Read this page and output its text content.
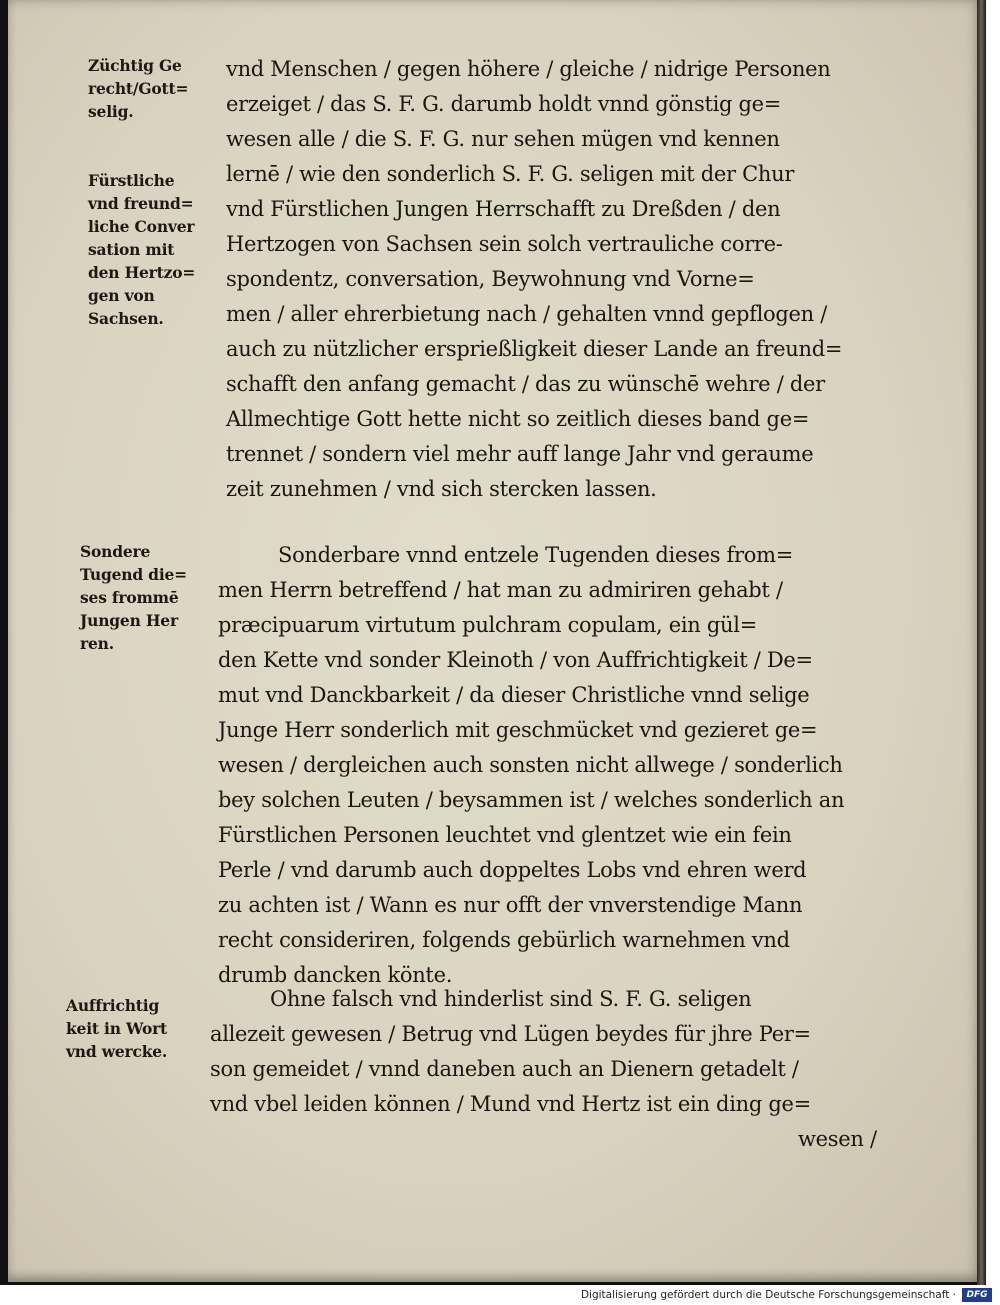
Züchtig Ge
recht/Gott=
selig.
Fürstliche
vnd freund=
liche Conver
sation mit
den Hertzo=
gen von
Sachsen.
Sondere
Tugend die=
ses frommē
Jungen Her
ren.
Auffrichtig
keit in Wort
vnd wercke.
vnd Menschen / gegen höhere / gleiche / nidrige Personen
erzeiget / das S. F. G. darumb holdt vnnd gönstig ge=
wesen alle / die S. F. G. nur sehen mügen vnd kennen
lernē / wie den sonderlich S. F. G. seligen mit der Chur
vnd Fürstlichen Jungen Herrschafft zu Dreßden / den
Hertzogen von Sachsen sein solch vertrauliche corre-
spondentz, conversation, Beywohnung vnd Vorne=
men / aller ehrerbietung nach / gehalten vnnd gepflogen /
auch zu nützlicher ersprießligkeit dieser Lande an freund=
schafft den anfang gemacht / das zu wünschē wehre / der
Allmechtige Gott hette nicht so zeitlich dieses band ge=
trennet / sondern viel mehr auff lange Jahr vnd geraume
zeit zunehmen / vnd sich stercken lassen.
Sonderbare vnnd entzele Tugenden dieses from=
men Herrn betreffend / hat man zu admiriren gehabt /
præcipuarum virtutum pulchram copulam, ein gül=
den Kette vnd sonder Kleinoth / von Auffrichtigkeit / De=
mut vnd Danckbarkeit / da dieser Christliche vnnd selige
Junge Herr sonderlich mit geschmücket vnd gezieret ge=
wesen / dergleichen auch sonsten nicht allwege / sonderlich
bey solchen Leuten / beysammen ist / welches sonderlich an
Fürstlichen Personen leuchtet vnd glentzet wie ein fein
Perle / vnd darumb auch doppeltes Lobs vnd ehren werd
zu achten ist / Wann es nur offt der vnverstendige Mann
recht consideriren, folgends gebürlich warnehmen vnd
drumb dancken könte.
Ohne falsch vnd hinderlist sind S. F. G. seligen
allezeit gewesen / Betrug vnd Lügen beydes für jhre Per=
son gemeidet / vnnd daneben auch an Dienern getadelt /
vnd vbel leiden können / Mund vnd Hertz ist ein ding ge=
wesen /
Digitalisierung gefördert durch die Deutsche Forschungsgemeinschaft ·	DFG
